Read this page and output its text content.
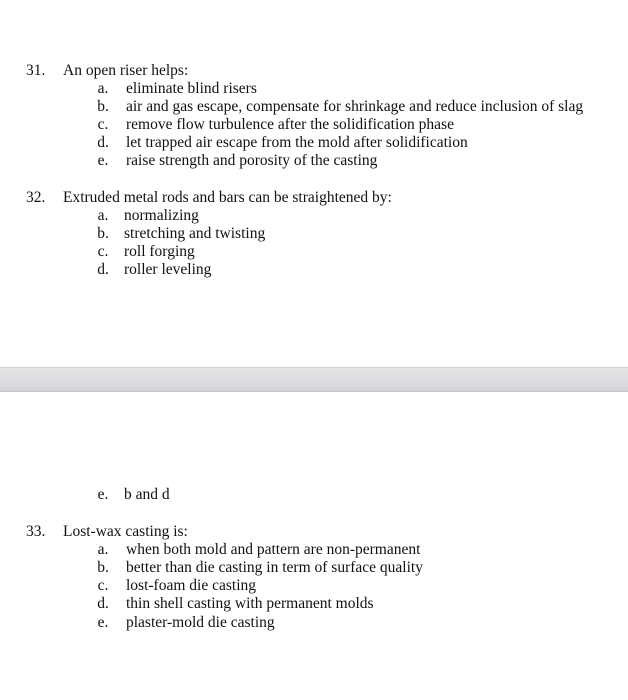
31. An open riser helps:
a. eliminate blind risers
b. air and gas escape, compensate for shrinkage and reduce inclusion of slag
c. remove flow turbulence after the solidification phase
d. let trapped air escape from the mold after solidification
e. raise strength and porosity of the casting
32. Extruded metal rods and bars can be straightened by:
a. normalizing
b. stretching and twisting
c. roll forging
d. roller leveling
e. b and d
33. Lost-wax casting is:
a. when both mold and pattern are non-permanent
b. better than die casting in term of surface quality
c. lost-foam die casting
d. thin shell casting with permanent molds
e. plaster-mold die casting
